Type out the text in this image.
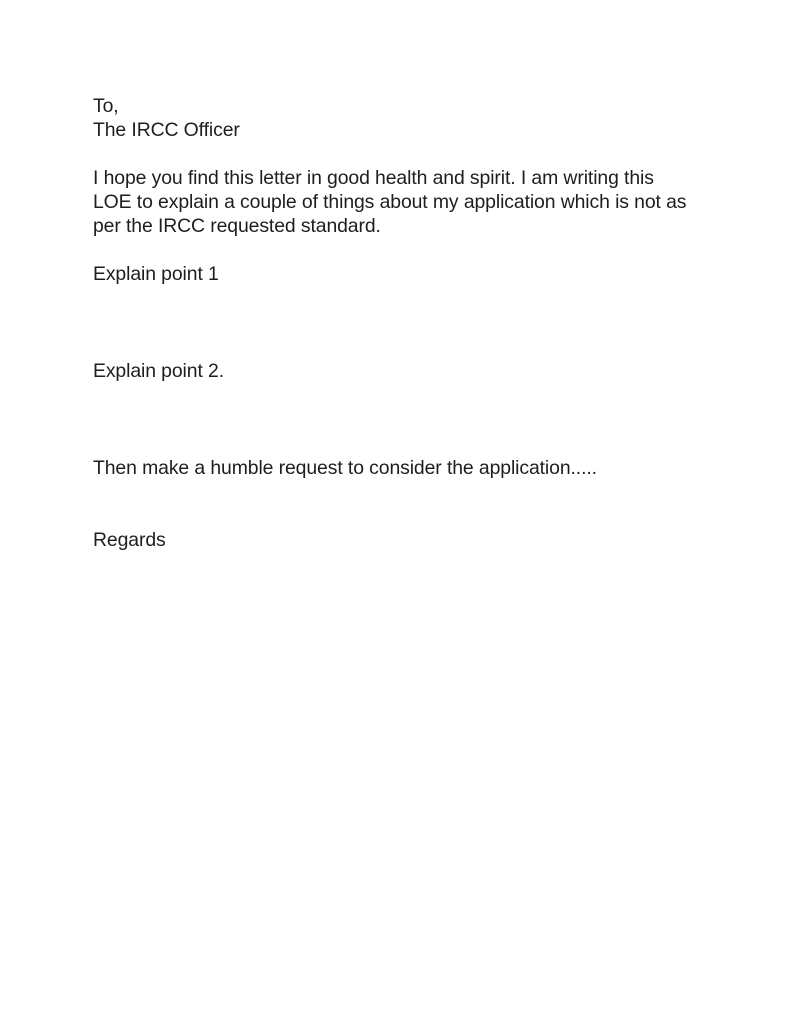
To,

The IRCC Officer

I hope you find this letter in good health and spirit. I am writing this

LOE to explain a couple of things about my application which is not as

per the IRCC requested standard.

Explain point 1

Explain point 2.

Then make a humble request to consider the application.....

Regards
